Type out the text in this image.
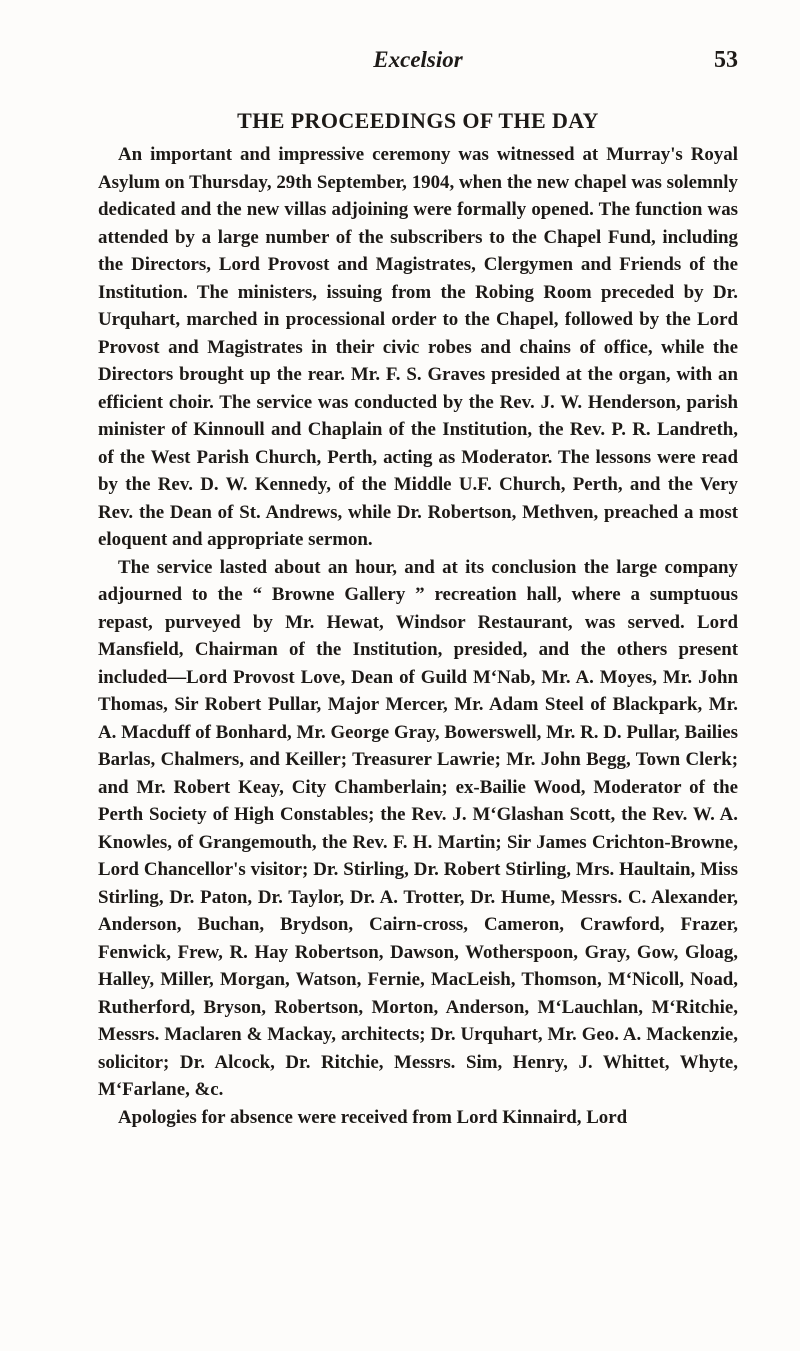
Excelsior	53
THE PROCEEDINGS OF THE DAY

An important and impressive ceremony was witnessed at Murray's Royal Asylum on Thursday, 29th September, 1904, when the new chapel was solemnly dedicated and the new villas adjoining were formally opened. The function was attended by a large number of the subscribers to the Chapel Fund, including the Directors, Lord Provost and Magistrates, Clergymen and Friends of the Institution. The ministers, issuing from the Robing Room preceded by Dr. Urquhart, marched in processional order to the Chapel, followed by the Lord Provost and Magistrates in their civic robes and chains of office, while the Directors brought up the rear. Mr. F. S. Graves presided at the organ, with an efficient choir. The service was conducted by the Rev. J. W. Henderson, parish minister of Kinnoull and Chaplain of the Institution, the Rev. P. R. Landreth, of the West Parish Church, Perth, acting as Moderator. The lessons were read by the Rev. D. W. Kennedy, of the Middle U.F. Church, Perth, and the Very Rev. the Dean of St. Andrews, while Dr. Robertson, Methven, preached a most eloquent and appropriate sermon.

The service lasted about an hour, and at its conclusion the large company adjourned to the “ Browne Gallery ” recreation hall, where a sumptuous repast, purveyed by Mr. Hewat, Windsor Restaurant, was served. Lord Mansfield, Chairman of the Institution, presided, and the others present included—Lord Provost Love, Dean of Guild M‘Nab, Mr. A. Moyes, Mr. John Thomas, Sir Robert Pullar, Major Mercer, Mr. Adam Steel of Blackpark, Mr. A. Macduff of Bonhard, Mr. George Gray, Bowerswell, Mr. R. D. Pullar, Bailies Barlas, Chalmers, and Keiller; Treasurer Lawrie; Mr. John Begg, Town Clerk; and Mr. Robert Keay, City Chamberlain; ex-Bailie Wood, Moderator of the Perth Society of High Constables; the Rev. J. M‘Glashan Scott, the Rev. W. A. Knowles, of Grangemouth, the Rev. F. H. Martin; Sir James Crichton-Browne, Lord Chancellor's visitor; Dr. Stirling, Dr. Robert Stirling, Mrs. Haultain, Miss Stirling, Dr. Paton, Dr. Taylor, Dr. A. Trotter, Dr. Hume, Messrs. C. Alexander, Anderson, Buchan, Brydson, Cairn-cross, Cameron, Crawford, Frazer, Fenwick, Frew, R. Hay Robertson, Dawson, Wotherspoon, Gray, Gow, Gloag, Halley, Miller, Morgan, Watson, Fernie, MacLeish, Thomson, M‘Nicoll, Noad, Rutherford, Bryson, Robertson, Morton, Anderson, M‘Lauchlan, M‘Ritchie, Messrs. Maclaren & Mackay, architects; Dr. Urquhart, Mr. Geo. A. Mackenzie, solicitor; Dr. Alcock, Dr. Ritchie, Messrs. Sim, Henry, J. Whittet, Whyte, M‘Farlane, &c.

Apologies for absence were received from Lord Kinnaird, Lord
